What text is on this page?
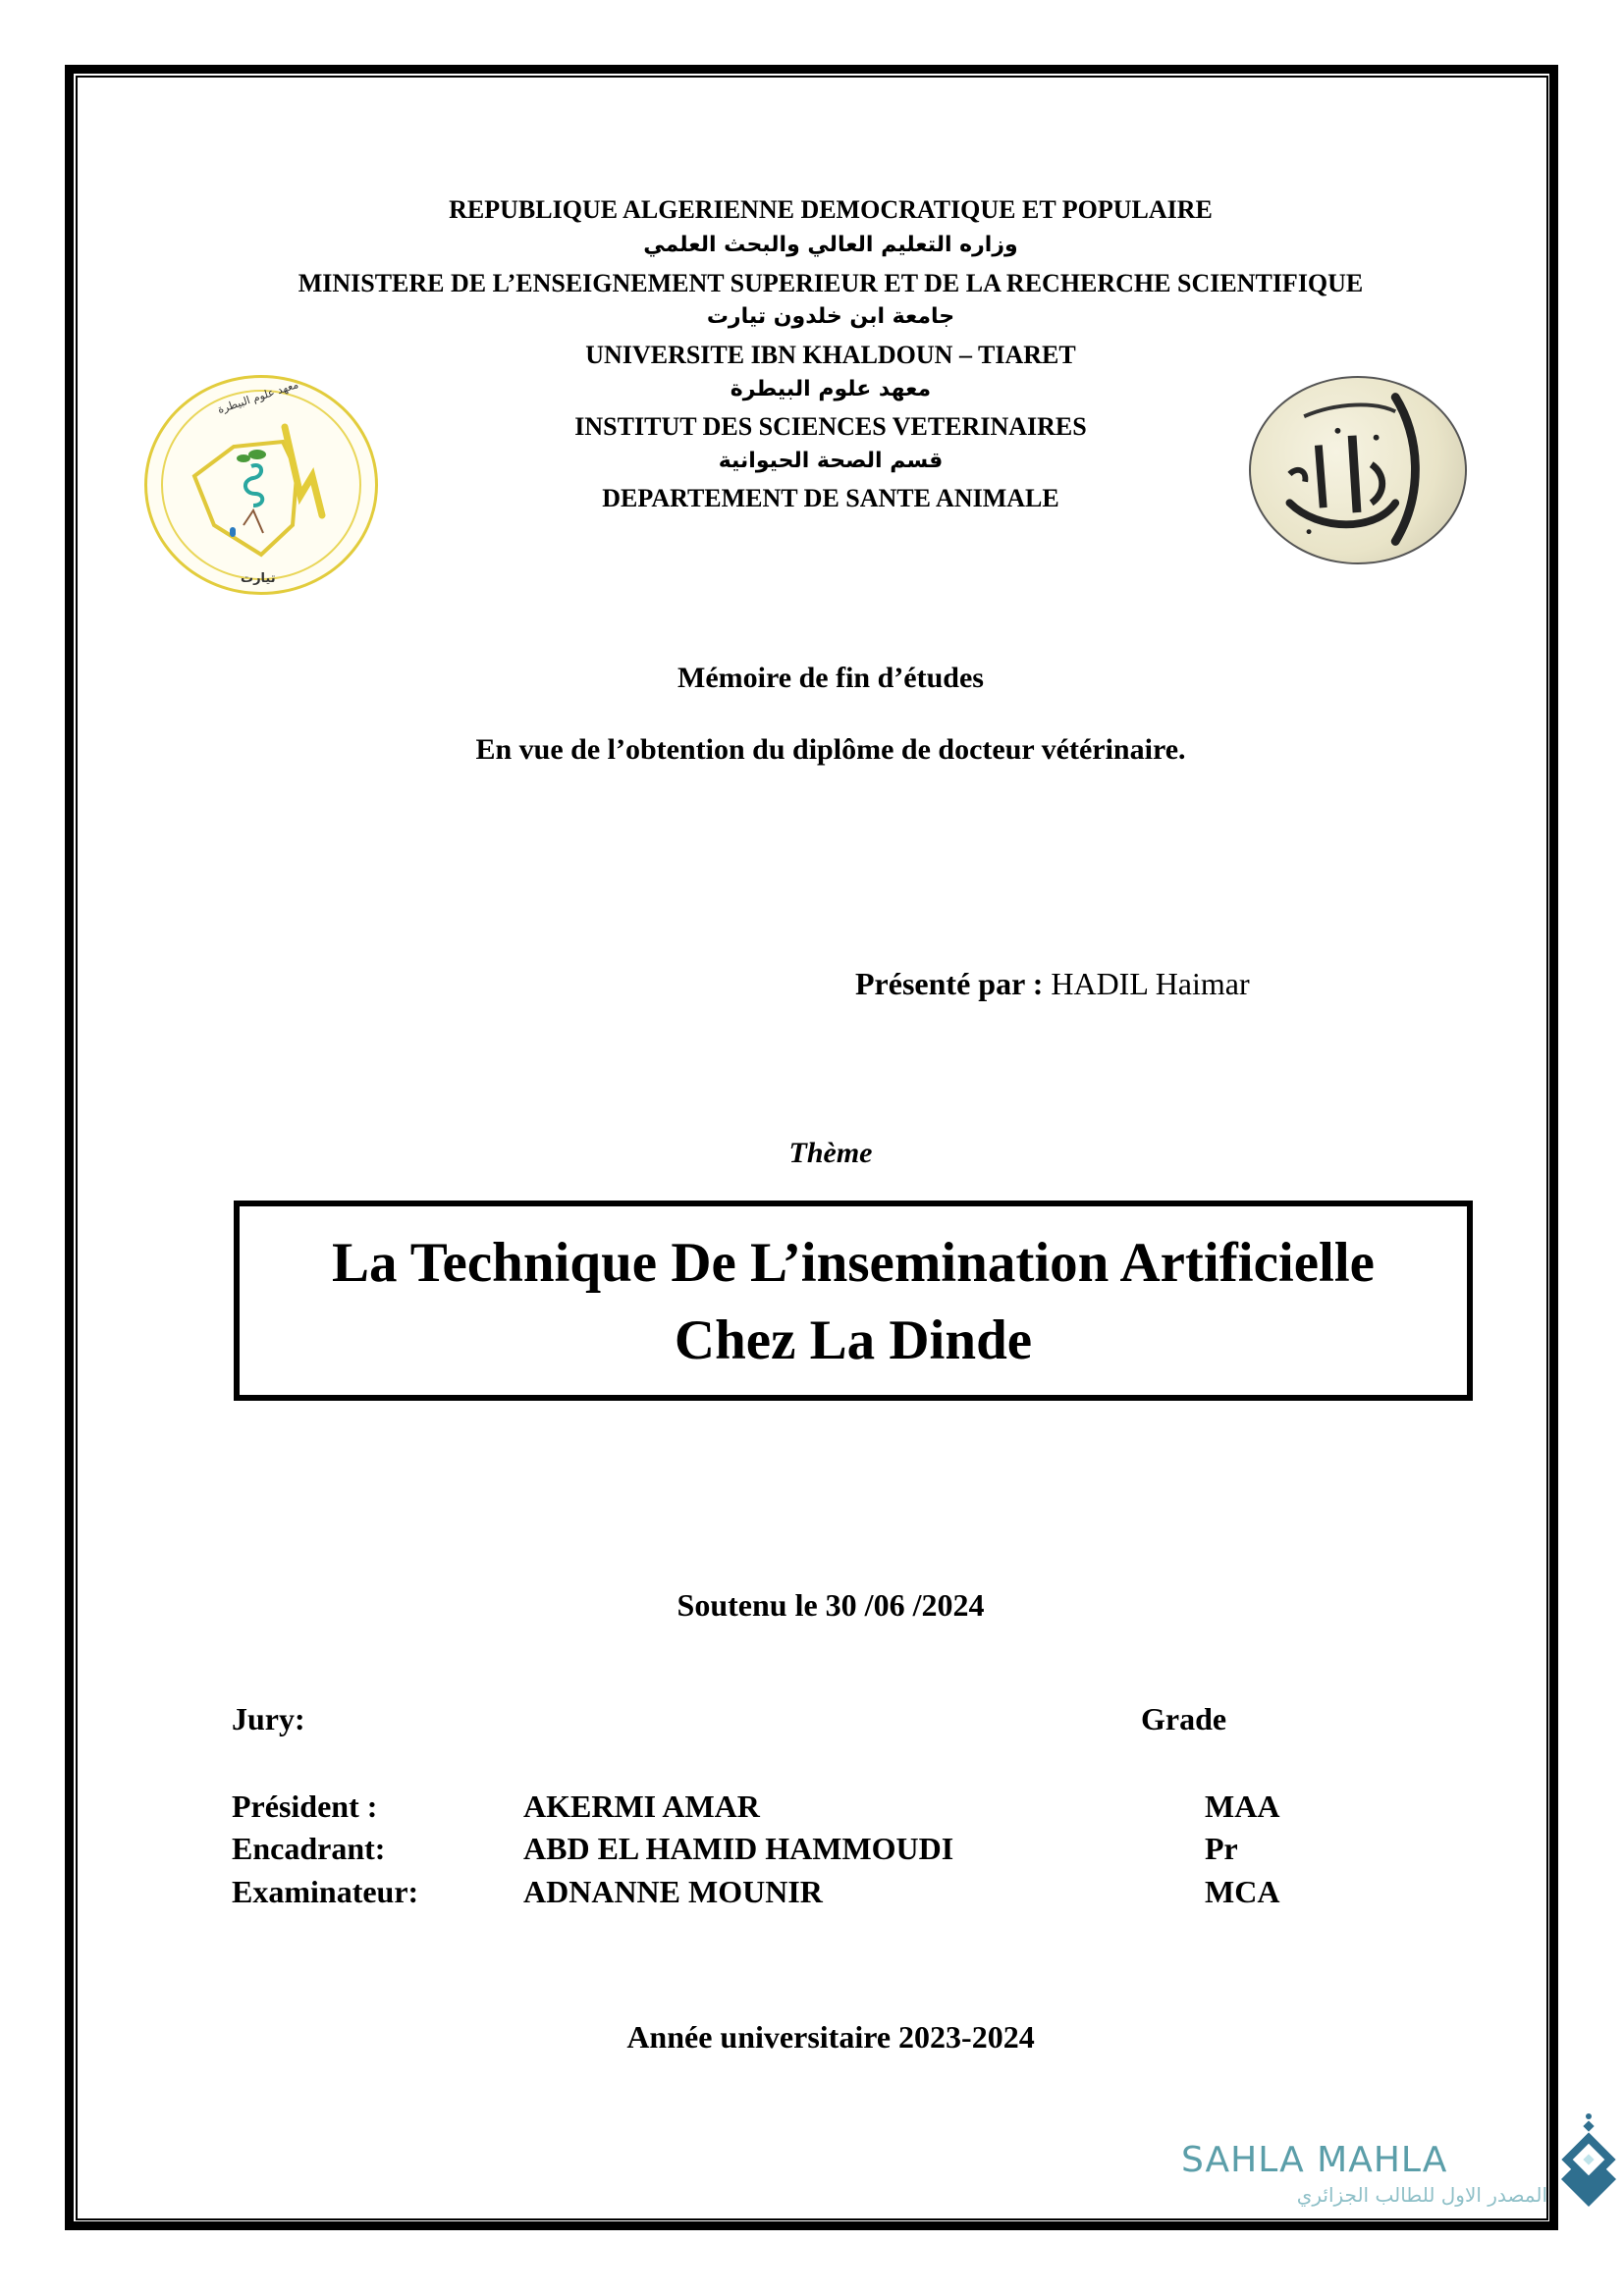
معهد علوم البيطرة
تيارت
REPUBLIQUE ALGERIENNE DEMOCRATIQUE ET POPULAIRE
وزاره التعليم العالي والبحث العلمي
MINISTERE DE L’ENSEIGNEMENT SUPERIEUR ET DE LA RECHERCHE SCIENTIFIQUE
جامعة ابن خلدون تيارت
UNIVERSITE IBN KHALDOUN – TIARET
معهد علوم البيطرة
INSTITUT DES SCIENCES VETERINAIRES
قسم الصحة الحيوانية
DEPARTEMENT DE SANTE ANIMALE
Mémoire de fin d’études
En vue de l’obtention du diplôme de docteur vétérinaire.
Présenté par : HADIL Haimar
Thème
La Technique De L’insemination Artificielle
Chez La Dinde
Soutenu le 30 /06 /2024
Jury:	Grade
Président :	AKERMI AMAR	MAA
Encadrant:	ABD EL HAMID HAMMOUDI	Pr
Examinateur:	ADNANNE MOUNIR	MCA
Année universitaire 2023-2024
SAHLA MAHLA
المصدر الاول للطالب الجزائري
